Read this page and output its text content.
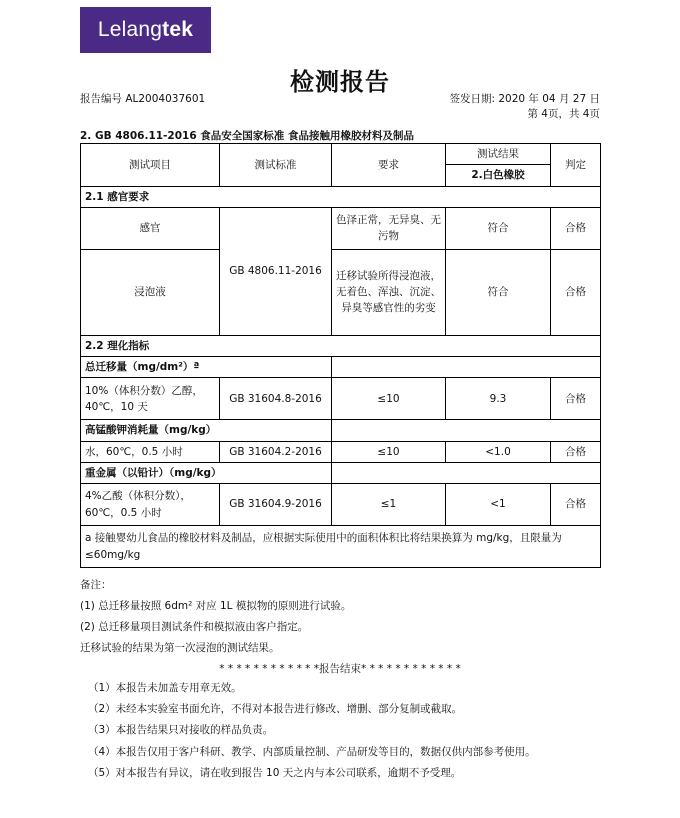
Lelang tek
检测报告
报告编号 AL2004037601	签发日期: 2020 年 04 月 27 日
第 4页，共 4页
2. GB 4806.11-2016 食品安全国家标准 食品接触用橡胶材料及制品
测试项目	测试标准	要求	测试结果	判定
			2.白色橡胶	
2.1 感官要求				
感官	GB 4806.11-2016	色泽正常，无异臭、无污物	符合	合格
浸泡液		迁移试验所得浸泡液，无着色、浑浊、沉淀、异臭等感官性的劣变	符合	合格
2.2 理化指标				
总迁移量（mg/dm²）ª				
10%（体积分数）乙醇，40℃，10 天	GB 31604.8-2016	≤10	9.3	合格
高锰酸钾消耗量（mg/kg）				
水，60℃，0.5 小时	GB 31604.2-2016	≤10	<1.0	合格
重金属（以铅计）（mg/kg）				
4%乙酸（体积分数），60℃，0.5 小时	GB 31604.9-2016	≤1	<1	合格
a 接触婴幼儿食品的橡胶材料及制品，应根据实际使用中的面积体积比将结果换算为 mg/kg，且限量为≤60mg/kg				
备注：
(1) 总迁移量按照 6dm² 对应 1L 模拟物的原则进行试验。
(2) 总迁移量项目测试条件和模拟液由客户指定。
迁移试验的结果为第一次浸泡的测试结果。
* * * * * * * * * * * *报告结束* * * * * * * * * * * *
（1）本报告未加盖专用章无效。
（2）未经本实验室书面允许，不得对本报告进行修改、增删、部分复制或截取。
（3）本报告结果只对接收的样品负责。
（4）本报告仅用于客户科研、教学、内部质量控制、产品研发等目的，数据仅供内部参考使用。
（5）对本报告有异议，请在收到报告 10 天之内与本公司联系，逾期不予受理。
